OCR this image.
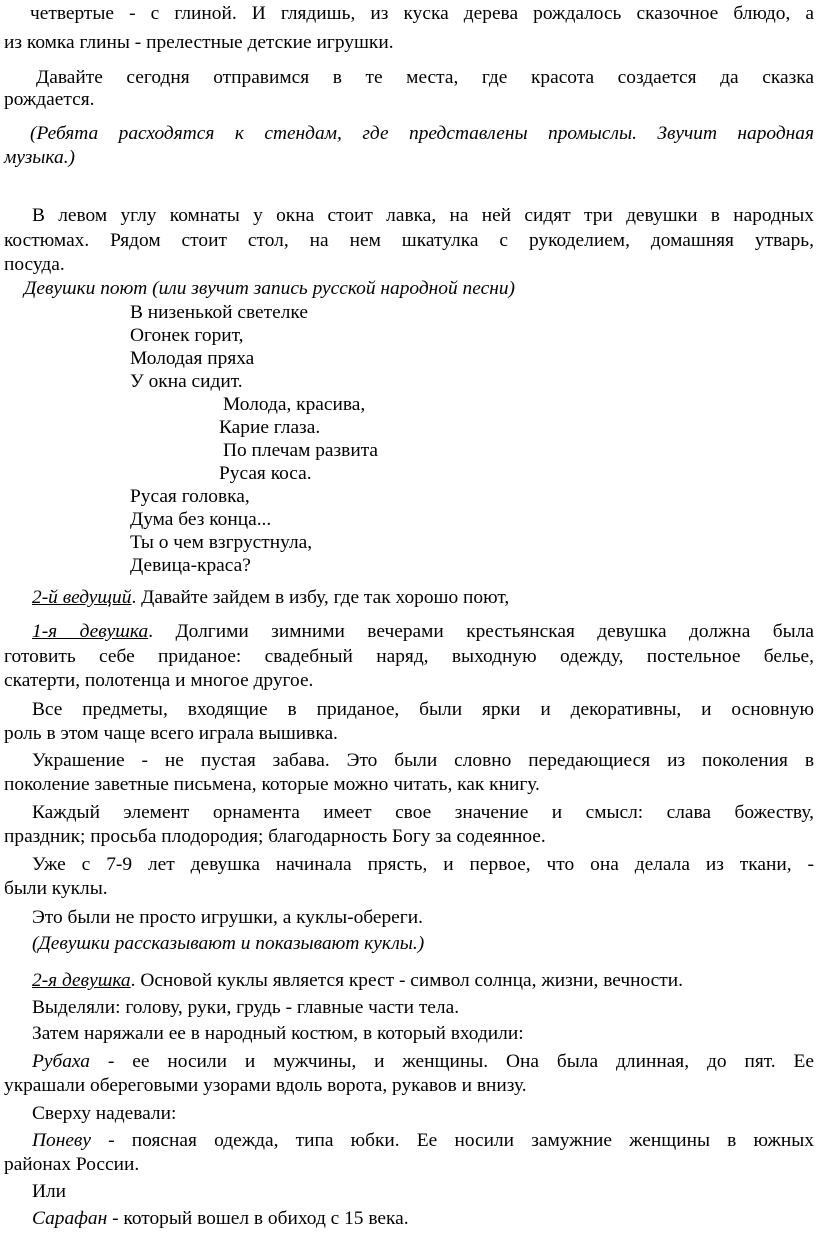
четвертые - с глиной. И глядишь, из куска дерева рождалось сказочное блюдо, а
из комка глины - прелестные детские игрушки.
Давайте сегодня отправимся в те места, где красота создается да сказка
рождается.
(Ребята расходятся к стендам, где представлены промыслы. Звучит народная
музыка.)
В левом углу комнаты у окна стоит лавка, на ней сидят три девушки в народных
костюмах. Рядом стоит стол, на нем шкатулка с рукоделием, домашняя утварь,
посуда.
Девушки поют (или звучит запись русской народной песни)
В низенькой светелке
Огонек горит,
Молодая пряха
У окна сидит.
Молода, красива,
Карие глаза.
По плечам развита
Русая коса.
Русая головка,
Дума без конца...
Ты о чем взгрустнула,
Девица-краса?
2-й ведущий. Давайте зайдем в избу, где так хорошо поют,
1-я девушка. Долгими зимними вечерами крестьянская девушка должна была
готовить себе приданое: свадебный наряд, выходную одежду, постельное белье,
скатерти, полотенца и многое другое.
Все предметы, входящие в приданое, были ярки и декоративны, и основную
роль в этом чаще всего играла вышивка.
Украшение - не пустая забава. Это были словно передающиеся из поколения в
поколение заветные письмена, которые можно читать, как книгу.
Каждый элемент орнамента имеет свое значение и смысл: слава божеству,
праздник; просьба плодородия; благодарность Богу за содеянное.
Уже с 7-9 лет девушка начинала прясть, и первое, что она делала из ткани, -
были куклы.
Это были не просто игрушки, а куклы-обереги.
(Девушки рассказывают и показывают куклы.)
2-я девушка. Основой куклы является крест - символ солнца, жизни, вечности.
Выделяли: голову, руки, грудь - главные части тела.
Затем наряжали ее в народный костюм, в который входили:
Рубаха - ее носили и мужчины, и женщины. Она была длинная, до пят. Ее
украшали обереговыми узорами вдоль ворота, рукавов и внизу.
Сверху надевали:
Поневу - поясная одежда, типа юбки. Ее носили замужние женщины в южных
районах России.
Или
Сарафан - который вошел в обиход с 15 века.
